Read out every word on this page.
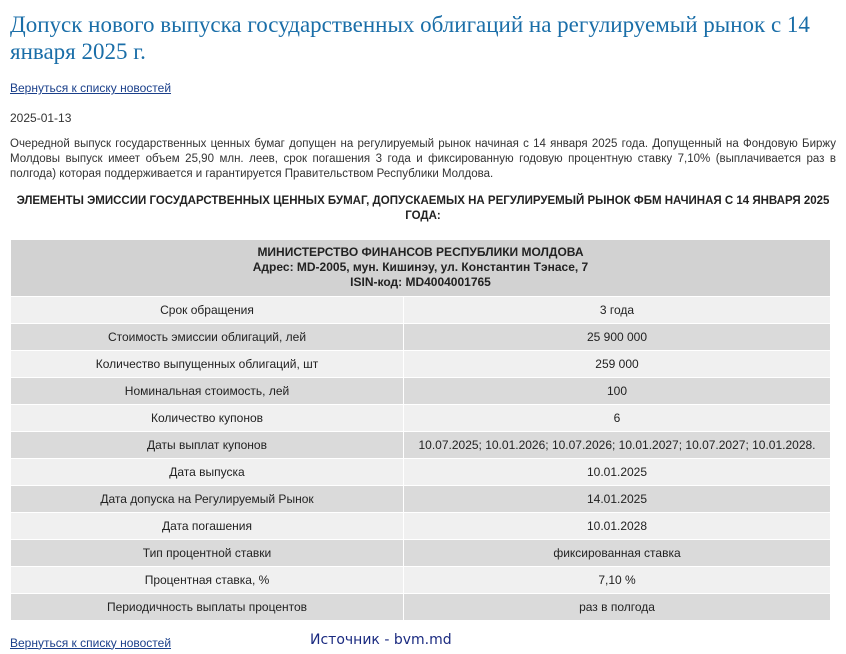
Допуск нового выпуска государственных облигаций на регулируемый рынок с 14 января 2025 г.
Вернуться к списку новостей
2025-01-13

Очередной выпуск государственных ценных бумаг допущен на регулируемый рынок начиная с 14 января 2025 года. Допущенный на Фондовую Биржу Молдовы выпуск имеет объем 25,90 млн. леев, срок погашения 3 года и фиксированную годовую процентную ставку 7,10% (выплачивается раз в полгода) которая поддерживается и гарантируется Правительством Республики Молдова.

ЭЛЕМЕНТЫ ЭМИССИИ ГОСУДАРСТВЕННЫХ ЦЕННЫХ БУМАГ, ДОПУСКАЕМЫХ НА РЕГУЛИРУЕМЫЙ РЫНОК ФБМ НАЧИНАЯ С 14 ЯНВАРЯ 2025 ГОДА:

МИНИСТЕРСТВО ФИНАНСОВ РЕСПУБЛИКИ МОЛДОВА
Адрес: MD-2005, мун. Кишинэу, ул. Константин Тэнасе, 7
ISIN-код: MD4004001765	

Срок обращения	3 года
Стоимость эмиссии облигаций, лей	25 900 000
Количество выпущенных облигаций, шт	259 000
Номинальная стоимость, лей	100
Количество купонов	6
Даты выплат купонов	10.07.2025; 10.01.2026; 10.07.2026; 10.01.2027; 10.07.2027; 10.01.2028.
Дата выпуска	10.01.2025
Дата допуска на Регулируемый Рынок	14.01.2025
Дата погашения	10.01.2028
Тип процентной ставки	фиксированная ставка
Процентная ставка, %	7,10 %
Периодичность выплаты процентов	раз в полгода
Вернуться к списку новостей	Источник - bvm.md
